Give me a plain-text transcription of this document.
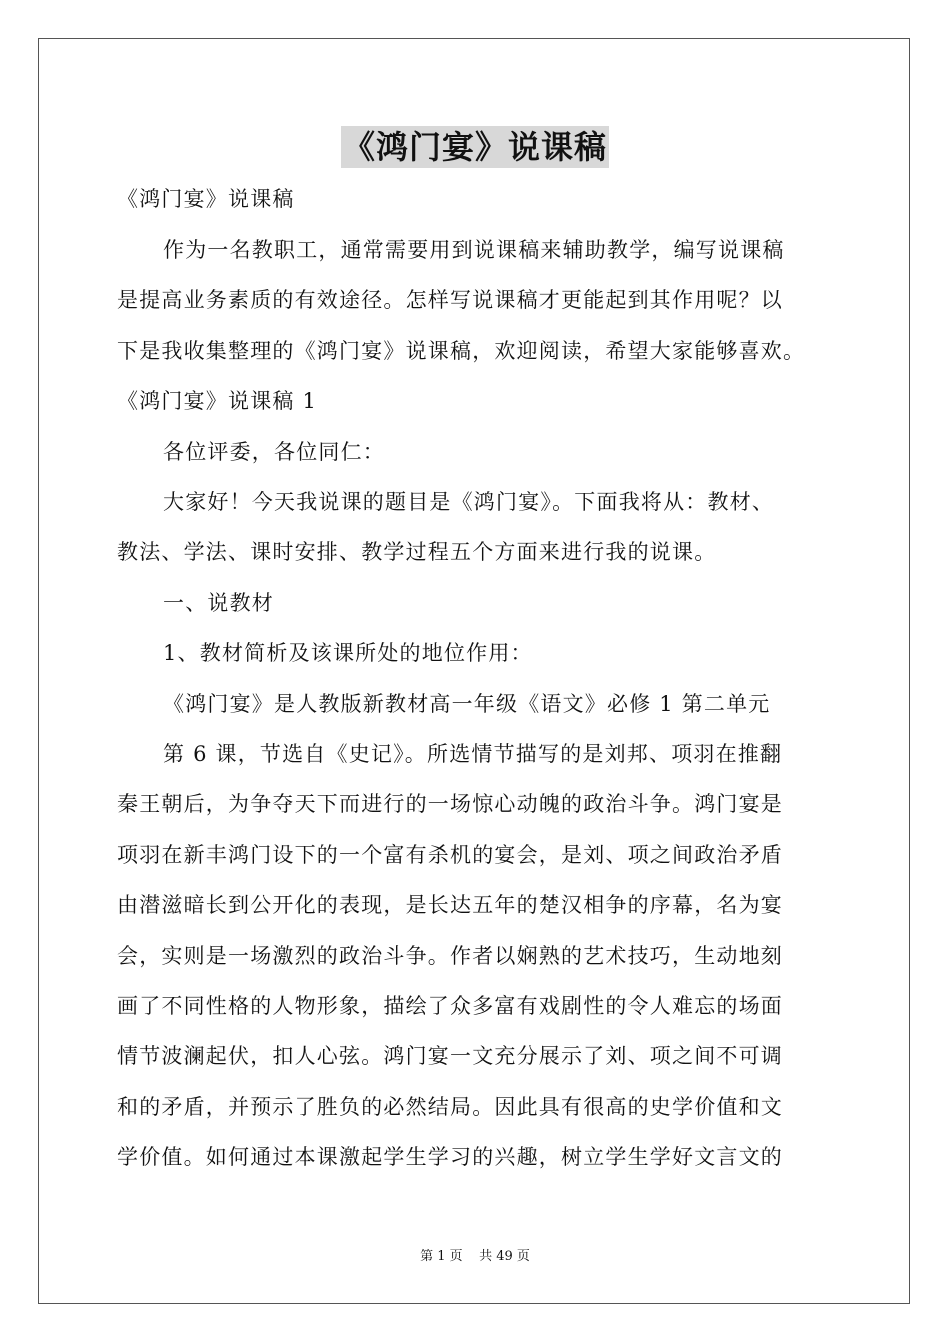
《鸿门宴》说课稿
《鸿门宴》说课稿
作为一名教职工，通常需要用到说课稿来辅助教学，编写说课稿
是提高业务素质的有效途径。怎样写说课稿才更能起到其作用呢？以
下是我收集整理的《鸿门宴》说课稿，欢迎阅读，希望大家能够喜欢。
《鸿门宴》说课稿 1
各位评委，各位同仁：
大家好！今天我说课的题目是《鸿门宴》。下面我将从：教材、
教法、学法、课时安排、教学过程五个方面来进行我的说课。
一、说教材
1、教材简析及该课所处的地位作用：
《鸿门宴》是人教版新教材高一年级《语文》必修 1 第二单元
第 6 课，节选自《史记》。所选情节描写的是刘邦、项羽在推翻
秦王朝后，为争夺天下而进行的一场惊心动魄的政治斗争。鸿门宴是
项羽在新丰鸿门设下的一个富有杀机的宴会，是刘、项之间政治矛盾
由潜滋暗长到公开化的表现，是长达五年的楚汉相争的序幕，名为宴
会，实则是一场激烈的政治斗争。作者以娴熟的艺术技巧，生动地刻
画了不同性格的人物形象，描绘了众多富有戏剧性的令人难忘的场面
情节波澜起伏，扣人心弦。鸿门宴一文充分展示了刘、项之间不可调
和的矛盾，并预示了胜负的必然结局。因此具有很高的史学价值和文
学价值。如何通过本课激起学生学习的兴趣，树立学生学好文言文的
第 1 页    共 49 页
